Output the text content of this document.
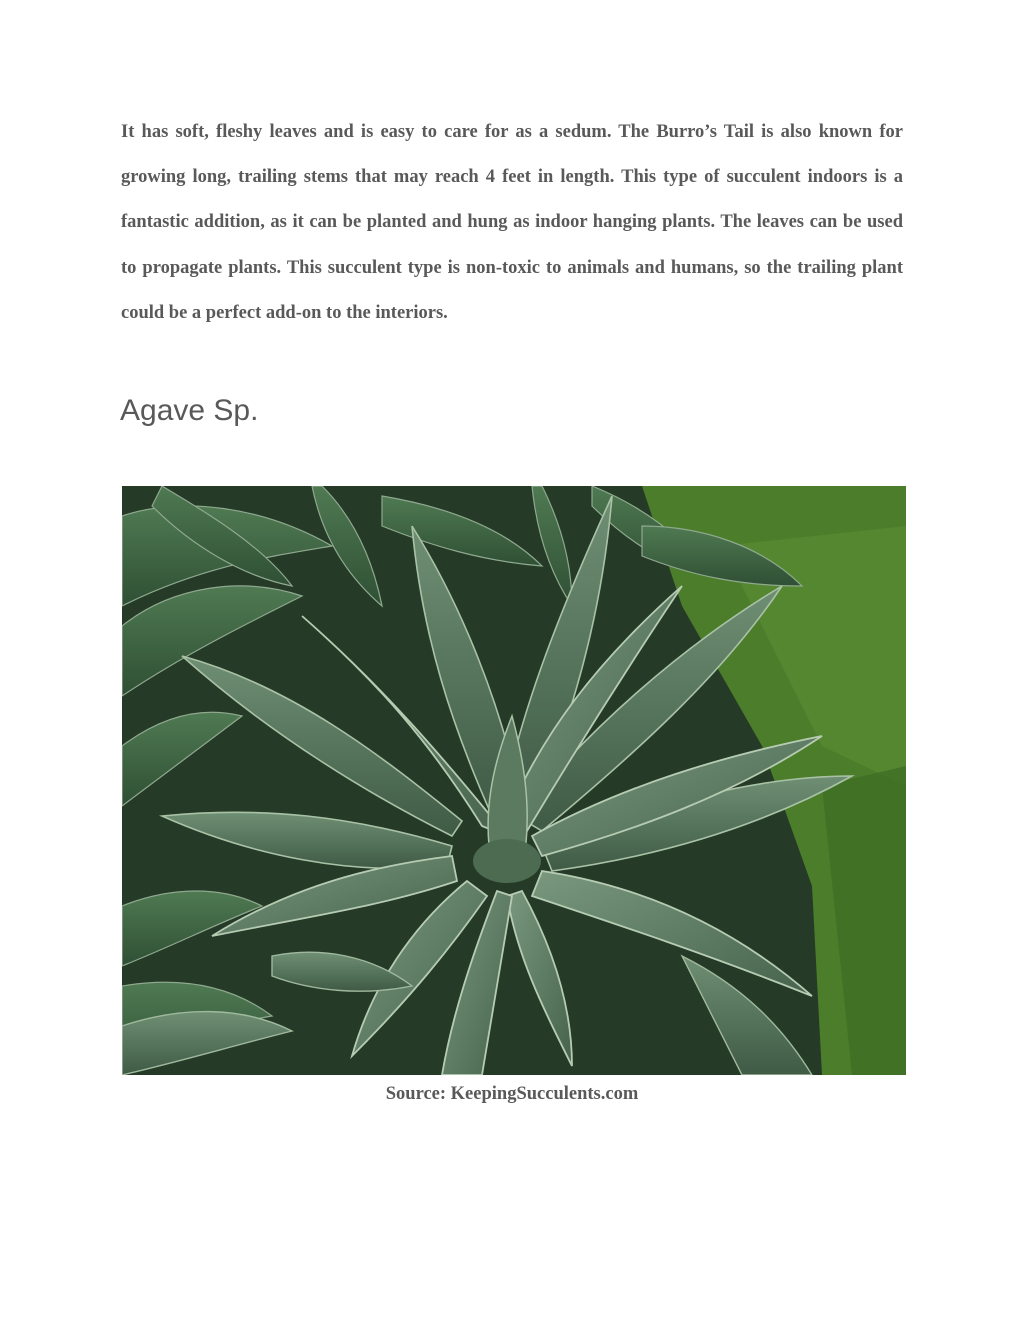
It has soft, fleshy leaves and is easy to care for as a sedum. The Burro’s Tail is also known for growing long, trailing stems that may reach 4 feet in length. This type of succulent indoors is a fantastic addition, as it can be planted and hung as indoor hanging plants. The leaves can be used to propagate plants. This succulent type is non-toxic to animals and humans, so the trailing plant could be a perfect add-on to the interiors.

Agave Sp.

Source: KeepingSucculents.com
